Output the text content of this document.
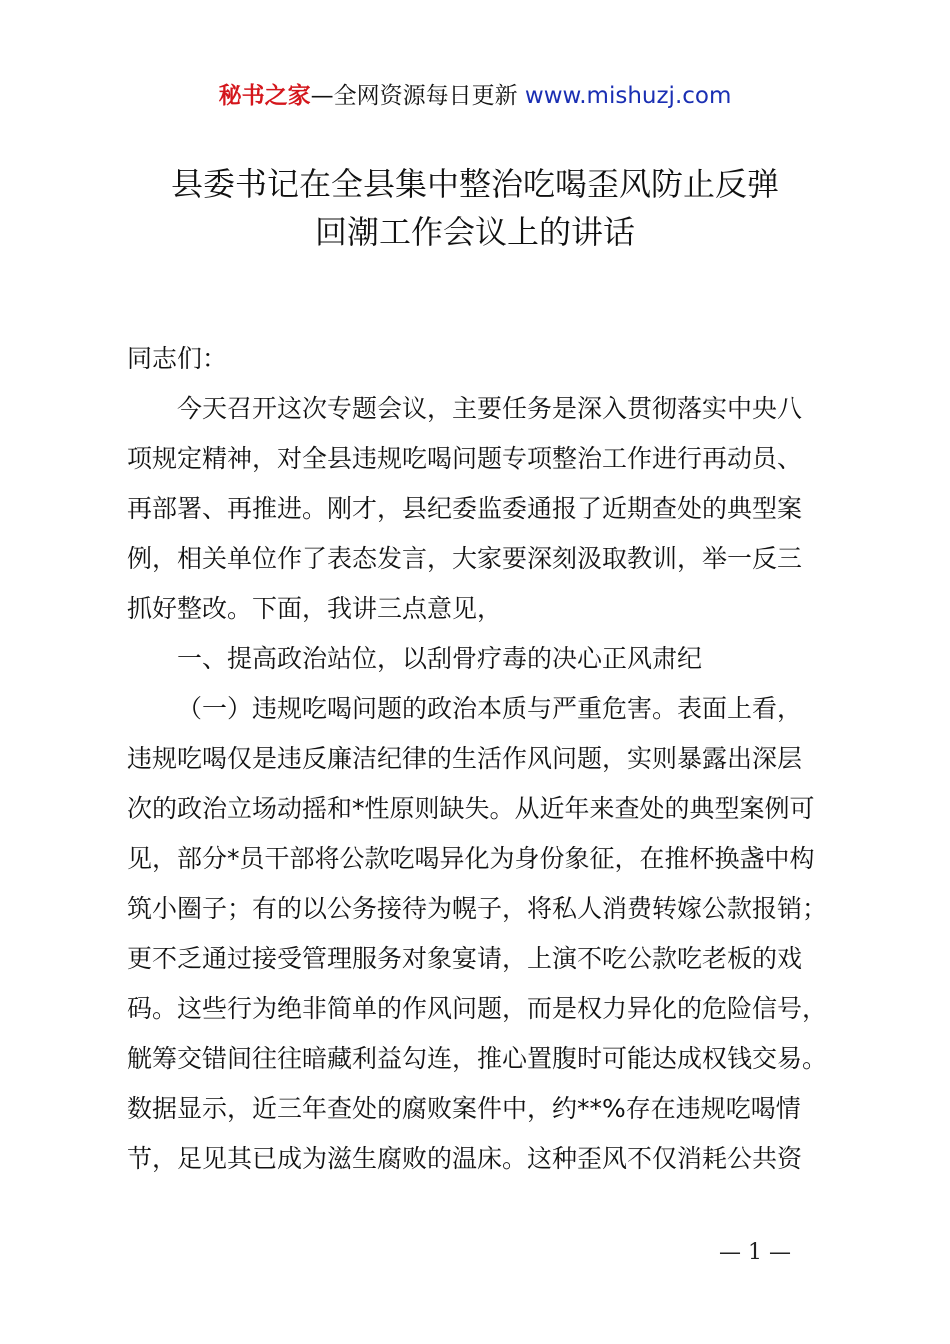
秘书之家—全网资源每日更新 www.mishuzj.com
县委书记在全县集中整治吃喝歪风防止反弹
回潮工作会议上的讲话
同志们：
今天召开这次专题会议，主要任务是深入贯彻落实中央八
项规定精神，对全县违规吃喝问题专项整治工作进行再动员、
再部署、再推进。刚才，县纪委监委通报了近期查处的典型案
例，相关单位作了表态发言，大家要深刻汲取教训，举一反三
抓好整改。下面，我讲三点意见，
一、提高政治站位，以刮骨疗毒的决心正风肃纪
（一）违规吃喝问题的政治本质与严重危害。表面上看，
违规吃喝仅是违反廉洁纪律的生活作风问题，实则暴露出深层
次的政治立场动摇和*性原则缺失。从近年来查处的典型案例可
见，部分*员干部将公款吃喝异化为身份象征，在推杯换盏中构
筑小圈子；有的以公务接待为幌子，将私人消费转嫁公款报销；
更不乏通过接受管理服务对象宴请，上演不吃公款吃老板的戏
码。这些行为绝非简单的作风问题，而是权力异化的危险信号，
觥筹交错间往往暗藏利益勾连，推心置腹时可能达成权钱交易。
数据显示，近三年查处的腐败案件中，约**%存在违规吃喝情
节，足见其已成为滋生腐败的温床。这种歪风不仅消耗公共资
— 1 —
